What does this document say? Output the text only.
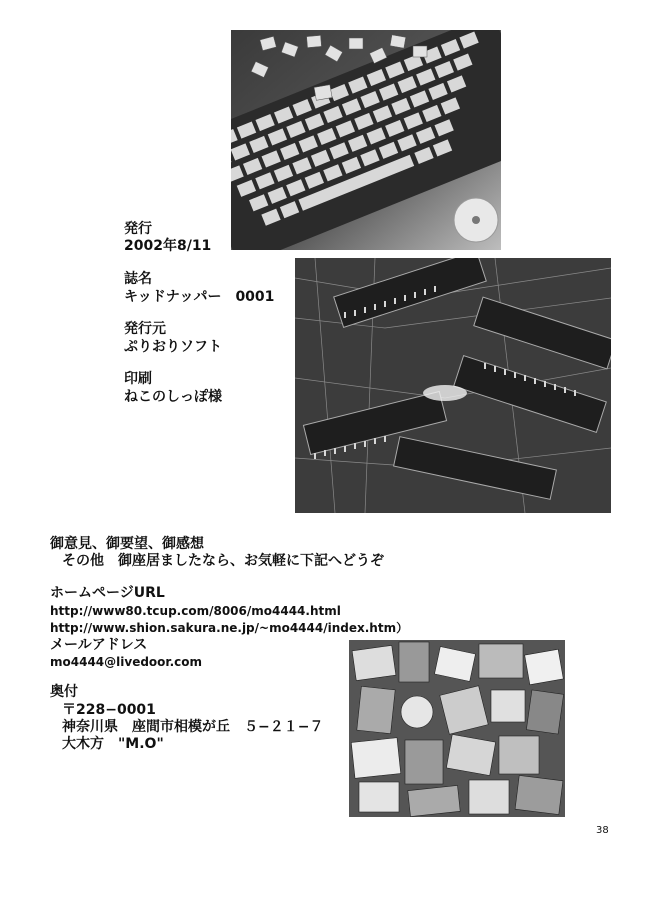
発行
2002年8/11
誌名
キッドナッパー　0001
発行元
ぷりおりソフト
印刷
ねこのしっぽ様
御意見、御要望、御感想
その他　御座居ましたなら、お気軽に下記へどうぞ
ホームページURL
http://www80.tcup.com/8006/mo4444.html
http://www.shion.sakura.ne.jp/~mo4444/index.htm）
メールアドレス
mo4444@livedoor.com
奥付
〒228−0001
神奈川県　座間市相模が丘　５−２１−７
大木方　"M.O"
38
